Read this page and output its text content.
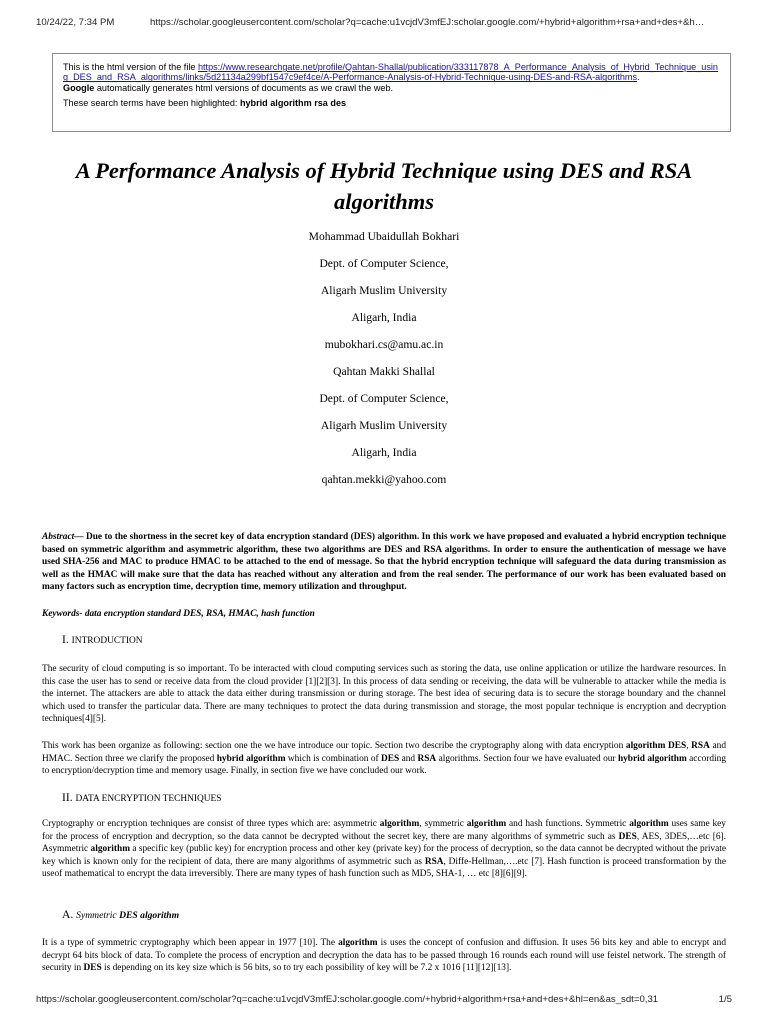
10/24/22, 7:34 PM	https://scholar.googleusercontent.com/scholar?q=cache:u1vcjdV3mfEJ:scholar.google.com/+hybrid+algorithm+rsa+and+des+&h…
This is the html version of the file https://www.researchgate.net/profile/Qahtan-Shallal/publication/333117878_A_Performance_Analysis_of_Hybrid_Technique_using_DES_and_RSA_algorithms/links/5d21134a299bf1547c9ef4ce/A-Performance-Analysis-of-Hybrid-Technique-using-DES-and-RSA-algorithms.
Google automatically generates html versions of documents as we crawl the web.
These search terms have been highlighted: hybrid algorithm rsa des
A Performance Analysis of Hybrid Technique using DES and RSA algorithms
Mohammad Ubaidullah Bokhari
Dept. of Computer Science,
Aligarh Muslim University
Aligarh, India
mubokhari.cs@amu.ac.in
Qahtan Makki Shallal
Dept. of Computer Science,
Aligarh Muslim University
Aligarh, India
qahtan.mekki@yahoo.com
Abstract— Due to the shortness in the secret key of data encryption standard (DES) algorithm. In this work we have proposed and evaluated a hybrid encryption technique based on symmetric algorithm and asymmetric algorithm, these two algorithms are DES and RSA algorithms. In order to ensure the authentication of message we have used SHA-256 and MAC to produce HMAC to be attached to the end of message. So that the hybrid encryption technique will safeguard the data during transmission as well as the HMAC will make sure that the data has reached without any alteration and from the real sender. The performance of our work has been evaluated based on many factors such as encryption time, decryption time, memory utilization and throughput.
Keywords- data encryption standard DES, RSA, HMAC, hash function
I. INTRODUCTION
The security of cloud computing is so important. To be interacted with cloud computing services such as storing the data, use online application or utilize the hardware resources. In this case the user has to send or receive data from the cloud provider [1][2][3]. In this process of data sending or receiving, the data will be vulnerable to attacker while the media is the internet. The attackers are able to attack the data either during transmission or during storage. The best idea of securing data is to secure the storage boundary and the channel which used to transfer the particular data. There are many techniques to protect the data during transmission and storage, the most popular technique is encryption and decryption techniques[4][5].
This work has been organize as following: section one the we have introduce our topic. Section two describe the cryptography along with data encryption algorithm DES, RSA and HMAC. Section three we clarify the proposed hybrid algorithm which is combination of DES and RSA algorithms. Section four we have evaluated our hybrid algorithm according to encryption/decryption time and memory usage. Finally, in section five we have concluded our work.
II. DATA ENCRYPTION TECHNIQUES
Cryptography or encryption techniques are consist of three types which are: asymmetric algorithm, symmetric algorithm and hash functions. Symmetric algorithm uses same key for the process of encryption and decryption, so the data cannot be decrypted without the secret key, there are many algorithms of symmetric such as DES, AES, 3DES,…etc [6]. Asymmetric algorithm a specific key (public key) for encryption process and other key (private key) for the process of decryption, so the data cannot be decrypted without the private key which is known only for the recipient of data, there are many algorithms of asymmetric such as RSA, Diffe-Hellman,….etc [7]. Hash function is proceed transformation by the useof mathematical to encrypt the data irreversibly. There are many types of hash function such as MD5, SHA-1, … etc [8][6][9].
A. Symmetric DES algorithm
It is a type of symmetric cryptography which been appear in 1977 [10]. The algorithm is uses the concept of confusion and diffusion. It uses 56 bits key and able to encrypt and decrypt 64 bits block of data. To complete the process of encryption and decryption the data has to be passed through 16 rounds each round will use feistel network. The strength of security in DES is depending on its key size which is 56 bits, so to try each possibility of key will be 7.2 x 1016 [11][12][13].
https://scholar.googleusercontent.com/scholar?q=cache:u1vcjdV3mfEJ:scholar.google.com/+hybrid+algorithm+rsa+and+des+&hl=en&as_sdt=0,31	1/5
